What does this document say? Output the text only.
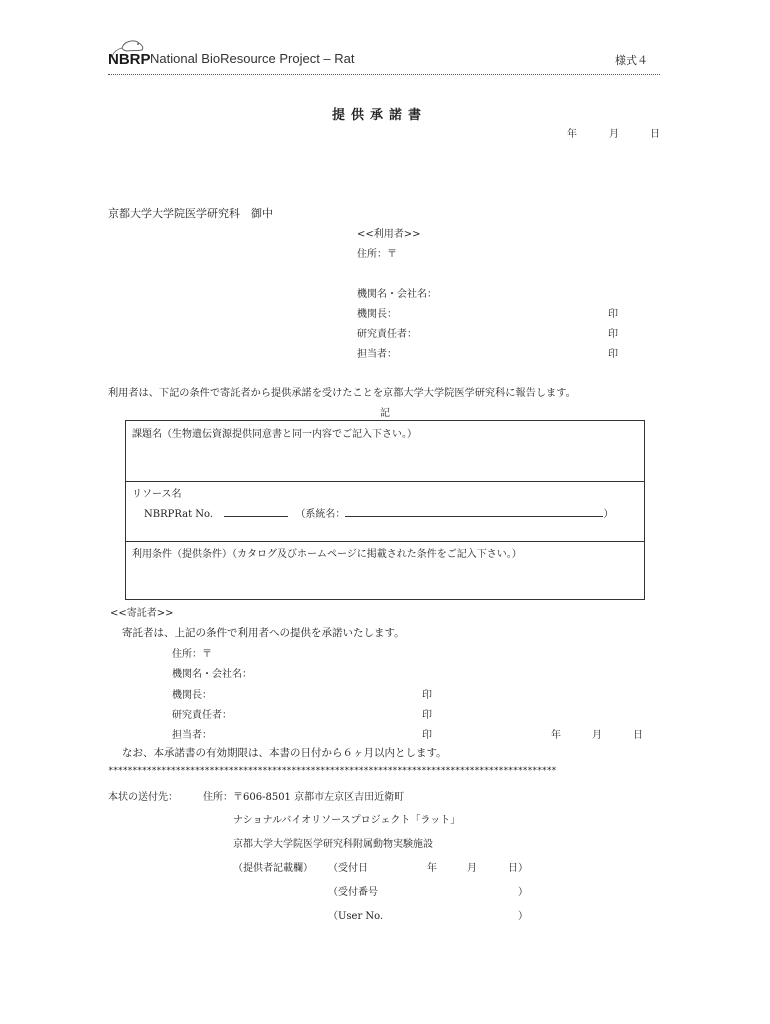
NBRP National BioResource Project – Rat	様式４
提供承諾書
年	月	日
京都大学大学院医学研究科　御中
<<利用者>>
住所：〒
機関名・会社名：
機関長：	印
研究責任者：	印
担当者：	印
利用者は、下記の条件で寄託者から提供承諾を受けたことを京都大学大学院医学研究科に報告します。
記
課題名（生物遺伝資源提供同意書と同一内容でご記入下さい。）
リソース名
NBRPRat No.	（系統名：	）
利用条件（提供条件）（カタログ及びホームページに掲載された条件をご記入下さい。）
<<寄託者>>
寄託者は、上記の条件で利用者への提供を承諾いたします。
住所：〒
機関名・会社名：
機関長：	印
研究責任者：	印
担当者：	印	年	月	日
なお、本承諾書の有効期限は、本書の日付から６ヶ月以内とします。
*********************************************************************************************
本状の送付先：	住所：〒606-8501 京都市左京区吉田近衛町
ナショナルバイオリソースプロジェクト「ラット」
京都大学大学院医学研究科附属動物実験施設
（提供者記載欄） （受付日	年	月	日）
（受付番号	）
（User No.	）
